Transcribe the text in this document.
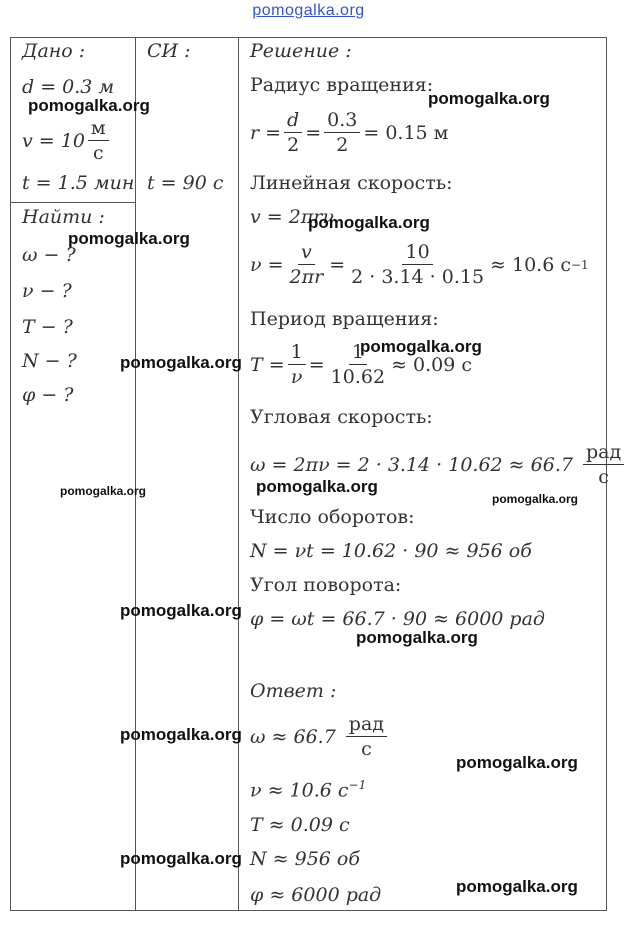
pomogalka.org
Дано :
d = 0.3 м
$v = 10 \frac{м}{с}$
t = 1.5 мин
Найти :
ω − ?
ν − ?
T − ?
N − ?
φ − ?
СИ :
t = 90 с
Решение :
Радиус вращения:
$r = \frac{d}{2} = \frac{0.3}{2} = 0.15$ м
Линейная скорость:
v = 2πrν
$\nu = \frac{v}{2\pi r} = \frac{10}{2 \cdot 3.14 \cdot 0.15} \approx 10.6$ с −1
Период вращения:
$T = \frac{1}{\nu} = \frac{1}{10.62} \approx 0.09$ с
Угловая скорость:
$\omega = 2\pi\nu = 2 \cdot 3.14 \cdot 10.62 \approx 66.7 \frac{\text{рад}}{с}$
Число оборотов:
N = νt = 10.62 · 90 ≈ 956 об
Угол поворота:
φ = ωt = 66.7 · 90 ≈ 6000 рад
Ответ :
$\omega \approx 66.7 \frac{\text{рад}}{с}$
ν ≈ 10.6 $с^{-1}$
T ≈ 0.09 с
N ≈ 956 об
φ ≈ 6000 рад
pomogalka.org	pomogalka.org
pomogalka.org
pomogalka.org
pomogalka.org
pomogalka.org
pomogalka.org
pomogalka.org
pomogalka.org
pomogalka.org
pomogalka.org
pomogalka.org
pomogalka.org
pomogalka.org
pomogalka.org
